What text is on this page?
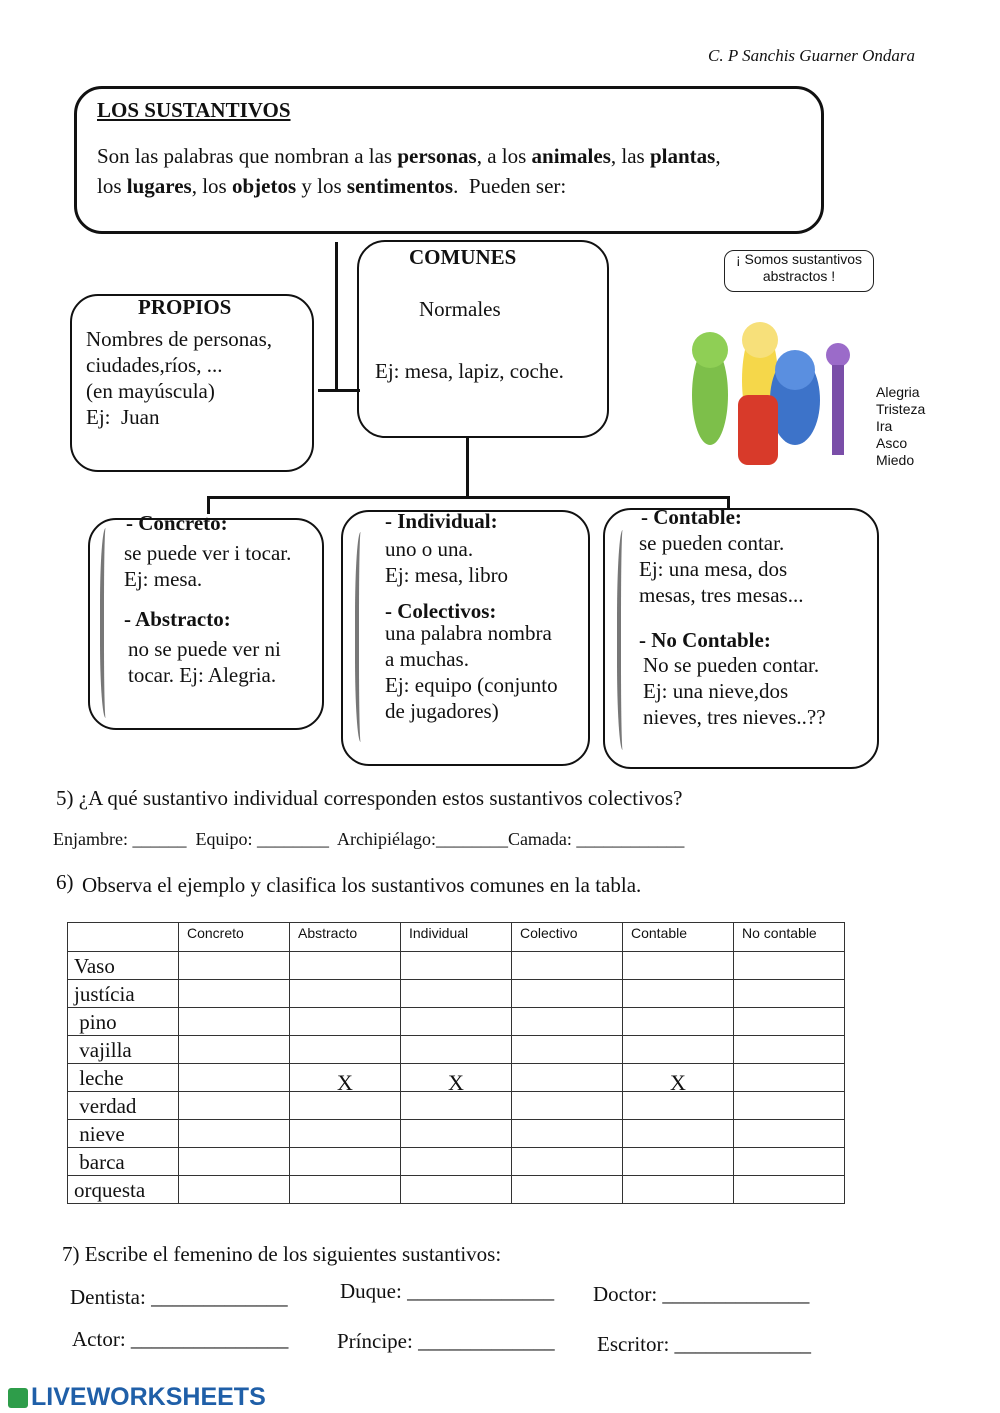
C. P Sanchis Guarner Ondara
LOS SUSTANTIVOS
Son las palabras que nombran a las personas, a los animales, las plantas,
los lugares, los objetos y los sentimentos.  Pueden ser:
PROPIOS
Nombres de personas,
ciudades,ríos, ...
(en mayúscula)
Ej:  Juan
COMUNES
Normales
Ej: mesa, lapiz, coche.
¡ Somos sustantivos
abstractos !
Alegria
Tristeza
Ira
Asco
Miedo
- Concreto:
se puede ver i tocar.
Ej: mesa.
- Abstracto:
no se puede ver ni
tocar. Ej: Alegria.
- Individual:
uno o una.
Ej: mesa, libro
- Colectivos:
una palabra nombra
a muchas.
Ej: equipo (conjunto
de jugadores)
- Contable:
se pueden contar.
Ej: una mesa, dos
mesas, tres mesas...
- No Contable:
No se pueden contar.
Ej: una nieve,dos
nieves, tres nieves..??
5) ¿A qué sustantivo individual corresponden estos sustantivos colectivos?
Enjambre: ______  Equipo: ________  Archipiélago:________Camada: ____________
6) Observa el ejemplo y clasifica los sustantivos comunes en la tabla.
	Concreto	Abstracto	Individual	Colectivo	Contable	No contable
Vaso						
justícia						
pino						
vajilla						
leche		X	X		X	
verdad						
nieve						
barca						
orquesta						
7) Escribe el femenino de los siguientes sustantivos:
Dentista: _____________ Duque: ______________ Doctor: ______________
Actor: _______________ Príncipe: _____________ Escritor: _____________
LIVEWORKSHEETS
